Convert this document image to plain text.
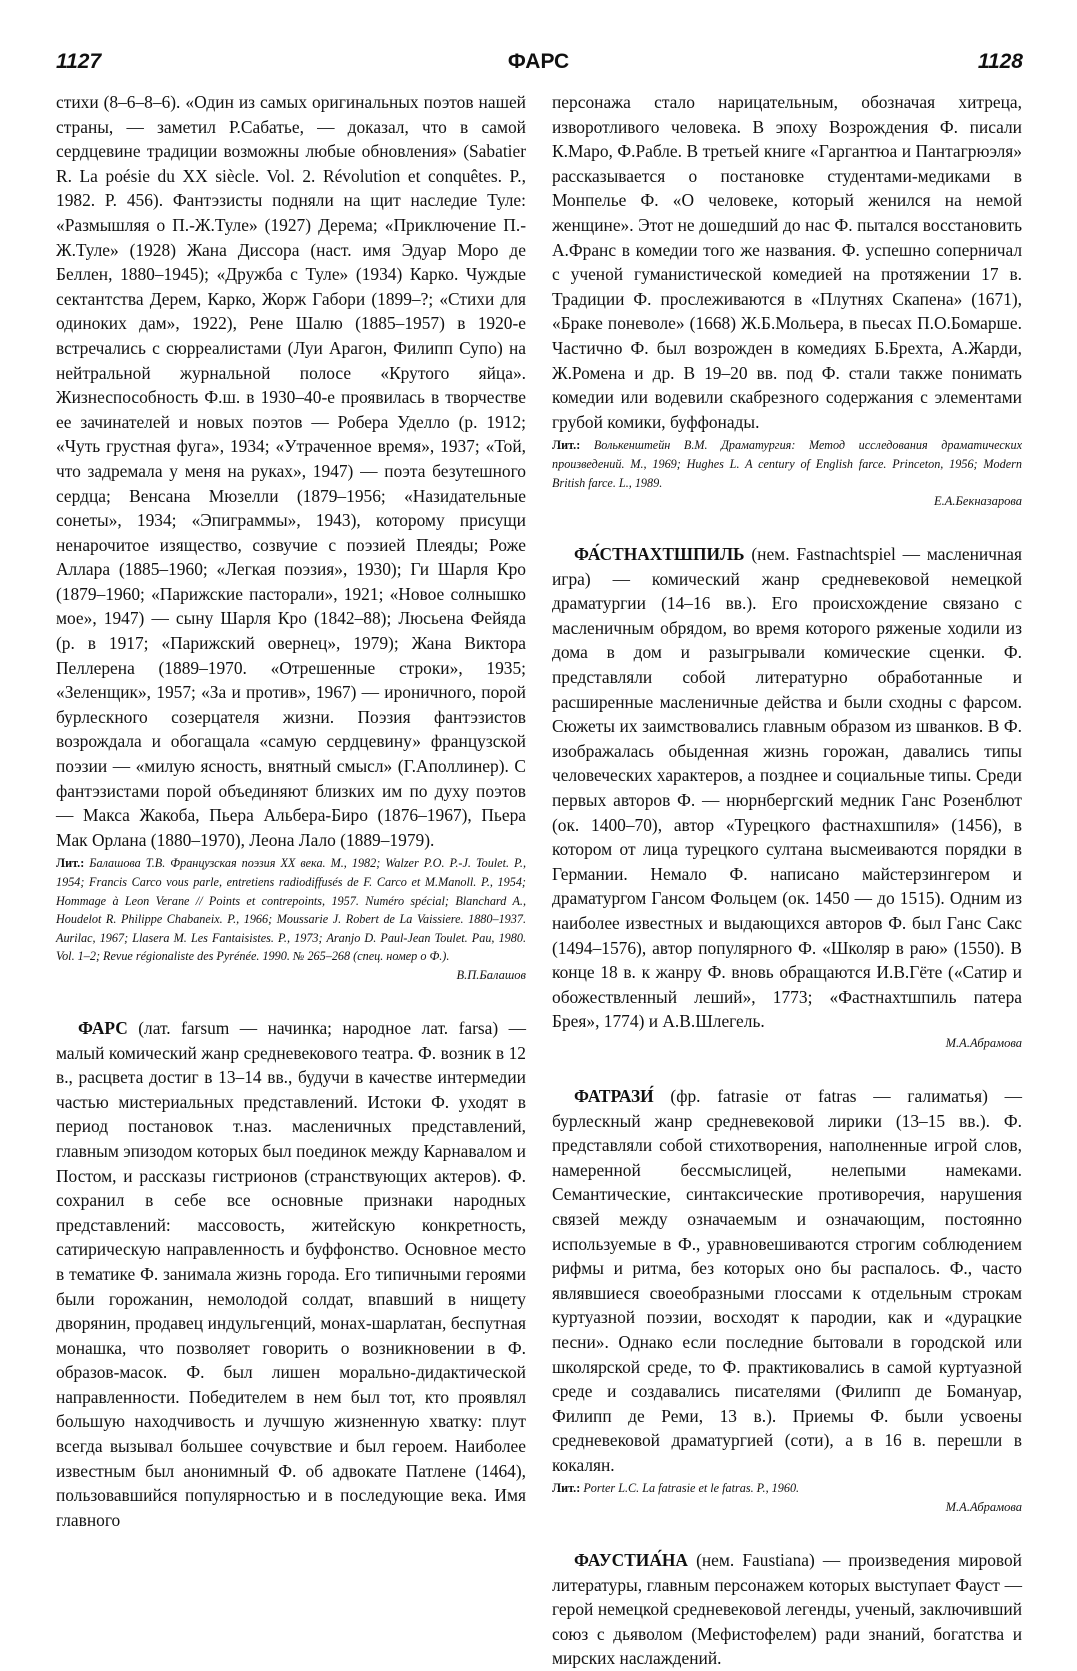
1127	ФАРС	1128

стихи (8–6–8–6). «Один из самых оригинальных поэтов нашей страны, — заметил Р.Сабатье, — доказал, что в самой сердцевине традиции возможны любые обновления» (Sabatier R. La poésie du XX siècle. Vol. 2. Révolution et conquêtes. P., 1982. P. 456). Фантэзисты подняли на щит наследие Туле: «Размышляя о П.-Ж.Туле» (1927) Дерема; «Приключение П.-Ж.Туле» (1928) Жана Диссора (наст. имя Эдуар Моро де Беллен, 1880–1945); «Дружба с Туле» (1934) Карко. Чуждые сектантства Дерем, Карко, Жорж Габори (1899–?; «Стихи для одиноких дам», 1922), Рене Шалю (1885–1957) в 1920-е встречались с сюрреалистами (Луи Арагон, Филипп Супо) на нейтральной журнальной полосе «Крутого яйца». Жизнеспособность Ф.ш. в 1930–40-е проявилась в творчестве ее зачинателей и новых поэтов — Робера Уделло (р. 1912; «Чуть грустная фуга», 1934; «Утраченное время», 1937; «Той, что задремала у меня на руках», 1947) — поэта безутешного сердца; Венсана Мюзелли (1879–1956; «Назидательные сонеты», 1934; «Эпиграммы», 1943), которому присущи ненарочитое изящество, созвучие с поэзией Плеяды; Роже Аллара (1885–1960; «Легкая поэзия», 1930); Ги Шарля Кро (1879–1960; «Парижские пасторали», 1921; «Новое солнышко мое», 1947) — сыну Шарля Кро (1842–88); Люсьена Фейяда (р. в 1917; «Парижский овернец», 1979); Жана Виктора Пеллерена (1889–1970. «Отрешенные строки», 1935; «Зеленщик», 1957; «За и против», 1967) — ироничного, порой бурлескного созерцателя жизни. Поэзия фантэзистов возрождала и обогащала «самую сердцевину» французской поэзии — «милую ясность, внятный смысл» (Г.Аполлинер). С фантэзистами порой объединяют близких им по духу поэтов — Макса Жакоба, Пьера Альбера-Биро (1876–1967), Пьера Мак Орлана (1880–1970), Леона Лало (1889–1979).

Лит.: Балашова Т.В. Французская поэзия XX века. М., 1982; Walzer P.O. P.-J. Toulet. P., 1954; Francis Carco vous parle, entretiens radiodiffusés de F. Carco et M.Manoll. P., 1954; Hommage à Leon Verane // Points et contrepoints, 1957. Numéro spécial; Blanchard A., Houdelot R. Philippe Chabaneix. P., 1966; Moussarie J. Robert de La Vaissiere. 1880–1937. Aurilac, 1967; Llasera M. Les Fantaisistes. P., 1973; Aranjo D. Paul-Jean Toulet. Pau, 1980. Vol. 1–2; Revue régionaliste des Pyrénée. 1990. № 265–268 (спец. номер о Ф.).
В.П.Балашов

ФАРС (лат. farsum — начинка; народное лат. farsa) — малый комический жанр средневекового театра. Ф. возник в 12 в., расцвета достиг в 13–14 вв., будучи в качестве интермедии частью мистериальных представлений. Истоки Ф. уходят в период постановок т.наз. масленичных представлений, главным эпизодом которых был поединок между Карнавалом и Постом, и рассказы гистрионов (странствующих актеров). Ф. сохранил в себе все основные признаки народных представлений: массовость, житейскую конкретность, сатирическую направленность и буффонство. Основное место в тематике Ф. занимала жизнь города. Его типичными героями были горожанин, немолодой солдат, впавший в нищету дворянин, продавец индульгенций, монах-шарлатан, беспутная монашка, что позволяет говорить о возникновении в Ф. образов-масок. Ф. был лишен морально-дидактической направленности. Победителем в нем был тот, кто проявлял большую находчивость и лучшую жизненную хватку: плут всегда вызывал большее сочувствие и был героем. Наиболее известным был анонимный Ф. об адвокате Патлене (1464), пользовавшийся популярностью и в последующие века. Имя главного

персонажа стало нарицательным, обозначая хитреца, изворотливого человека. В эпоху Возрождения Ф. писали К.Маро, Ф.Рабле. В третьей книге «Гаргантюа и Пантагрюэля» рассказывается о постановке студентами-медиками в Монпелье Ф. «О человеке, который женился на немой женщине». Этот не дошедший до нас Ф. пытался восстановить А.Франс в комедии того же названия. Ф. успешно соперничал с ученой гуманистической комедией на протяжении 17 в. Традиции Ф. прослеживаются в «Плутнях Скапена» (1671), «Браке поневоле» (1668) Ж.Б.Мольера, в пьесах П.О.Бомарше. Частично Ф. был возрожден в комедиях Б.Брехта, А.Жарди, Ж.Ромена и др. В 19–20 вв. под Ф. стали также понимать комедии или водевили скабрезного содержания с элементами грубой комики, буффонады.

Лит.: Волькенштейн В.М. Драматургия: Метод исследования драматических произведений. М., 1969; Hughes L. A century of English farce. Princeton, 1956; Modern British farce. L., 1989.
Е.А.Бекназарова

ФА́СТНАХТШПИЛЬ (нем. Fastnachtspiel — масленичная игра) — комический жанр средневековой немецкой драматургии (14–16 вв.). Его происхождение связано с масленичным обрядом, во время которого ряженые ходили из дома в дом и разыгрывали комические сценки. Ф. представляли собой литературно обработанные и расширенные масленичные действа и были сходны с фарсом. Сюжеты их заимствовались главным образом из шванков. В Ф. изображалась обыденная жизнь горожан, давались типы человеческих характеров, а позднее и социальные типы. Среди первых авторов Ф. — нюрнбергский медник Ганс Розенблют (ок. 1400–70), автор «Турецкого фастнахшпиля» (1456), в котором от лица турецкого султана высмеиваются порядки в Германии. Немало Ф. написано майстерзингером и драматургом Гансом Фольцем (ок. 1450 — до 1515). Одним из наиболее известных и выдающихся авторов Ф. был Ганс Сакс (1494–1576), автор популярного Ф. «Школяр в раю» (1550). В конце 18 в. к жанру Ф. вновь обращаются И.В.Гёте («Сатир и обожествленный леший», 1773; «Фастнахтшпиль патера Брея», 1774) и А.В.Шлегель.
М.А.Абрамова

ФАТРАЗИ́ (фр. fatrasie от fatras — галиматья) — бурлескный жанр средневековой лирики (13–15 вв.). Ф. представляли собой стихотворения, наполненные игрой слов, намеренной бессмыслицей, нелепыми намеками. Семантические, синтаксические противоречия, нарушения связей между означаемым и означающим, постоянно используемые в Ф., уравновешиваются строгим соблюдением рифмы и ритма, без которых оно бы распалось. Ф., часто являвшиеся своеобразными глоссами к отдельным строкам куртуазной поэзии, восходят к пародии, как и «дурацкие песни». Однако если последние бытовали в городской или школярской среде, то Ф. практиковались в самой куртуазной среде и создавались писателями (Филипп де Бомануар, Филипп де Реми, 13 в.). Приемы Ф. были усвоены средневековой драматургией (соти), а в 16 в. перешли в кокалян.

Лит.: Porter L.C. La fatrasie et le fatras. P., 1960.
М.А.Абрамова

ФАУСТИА́НА (нем. Faustiana) — произведения мировой литературы, главным персонажем которых выступает Фауст — герой немецкой средневековой легенды, ученый, заключивший союз с дьяволом (Мефистофелем) ради знаний, богатства и мирских наслаждений.
